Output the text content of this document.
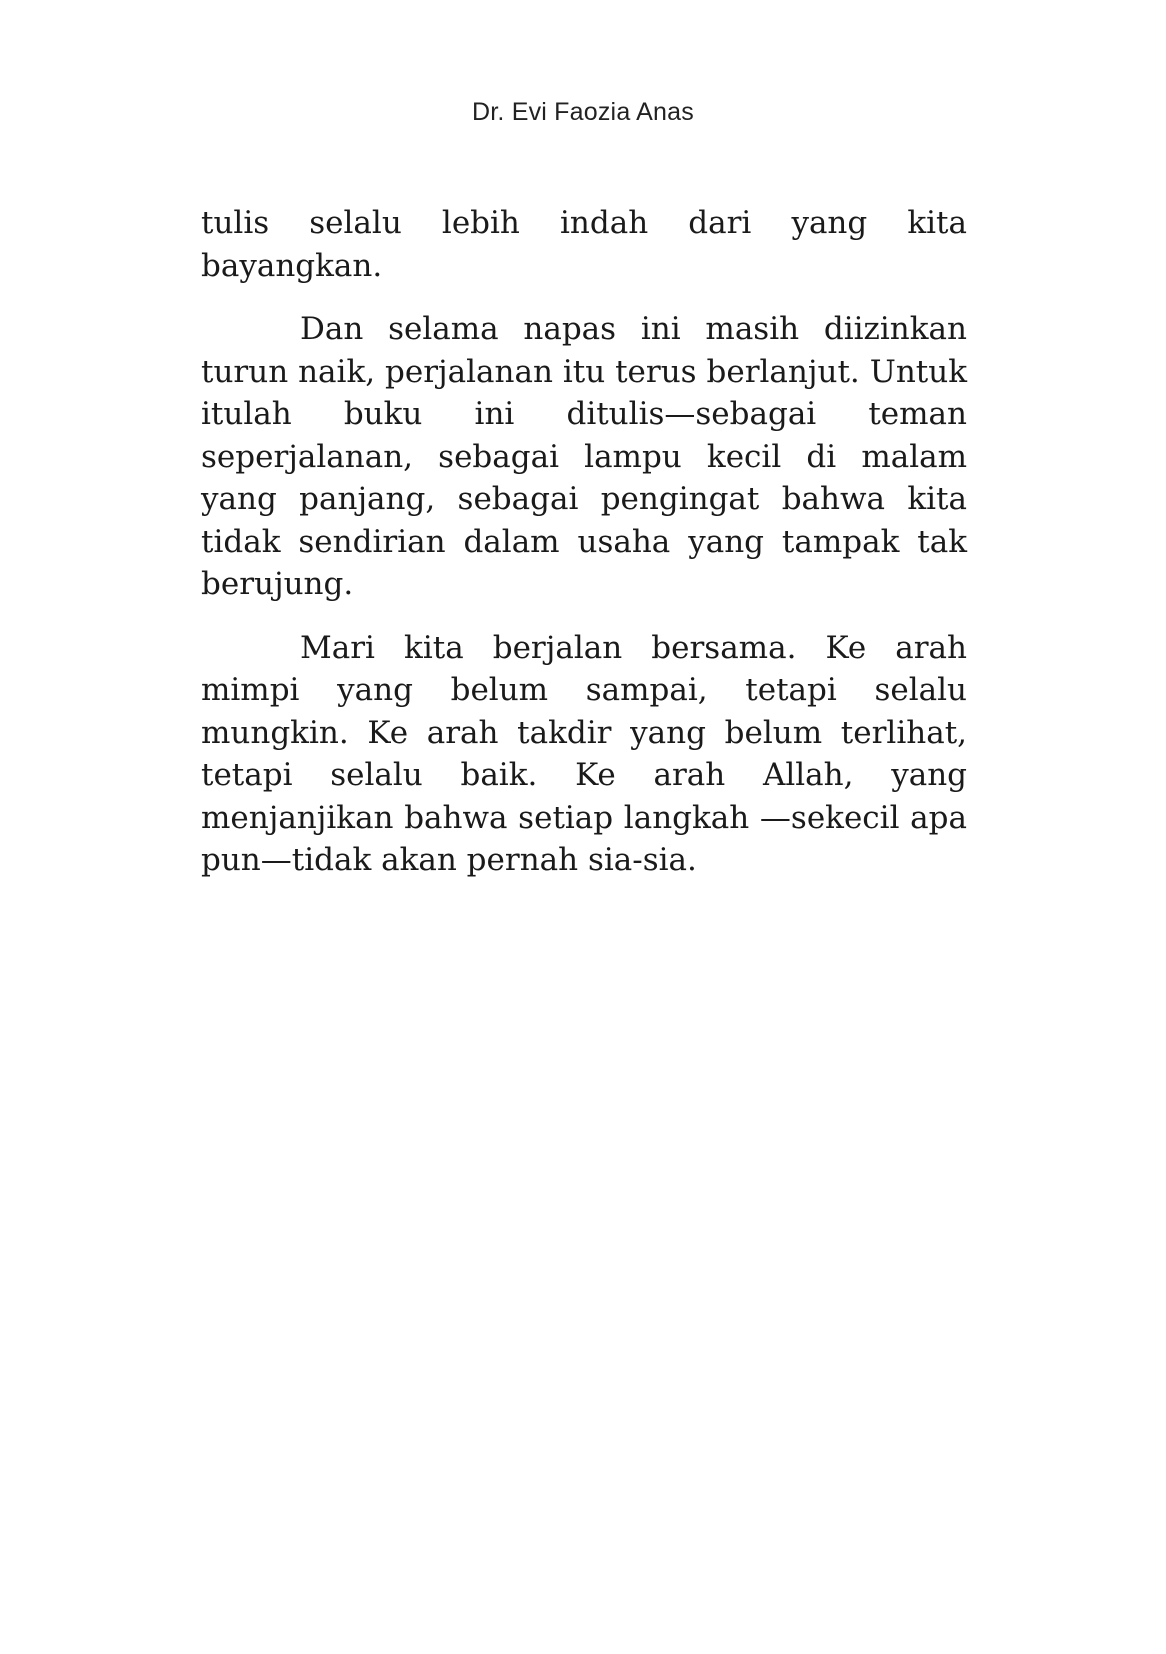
Dr. Evi Faozia Anas

tulis selalu lebih indah dari yang kita bayangkan.

Dan selama napas ini masih diizinkan turun naik, perjalanan itu terus berlanjut. Untuk itulah buku ini ditulis—sebagai teman seperjalanan, sebagai lampu kecil di malam yang panjang, sebagai pengingat bahwa kita tidak sendirian dalam usaha yang tampak tak berujung.

Mari kita berjalan bersama. Ke arah mimpi yang belum sampai, tetapi selalu mungkin. Ke arah takdir yang belum terlihat, tetapi selalu baik. Ke arah Allah, yang menjanjikan bahwa setiap langkah —sekecil apa pun—tidak akan pernah sia-sia.
